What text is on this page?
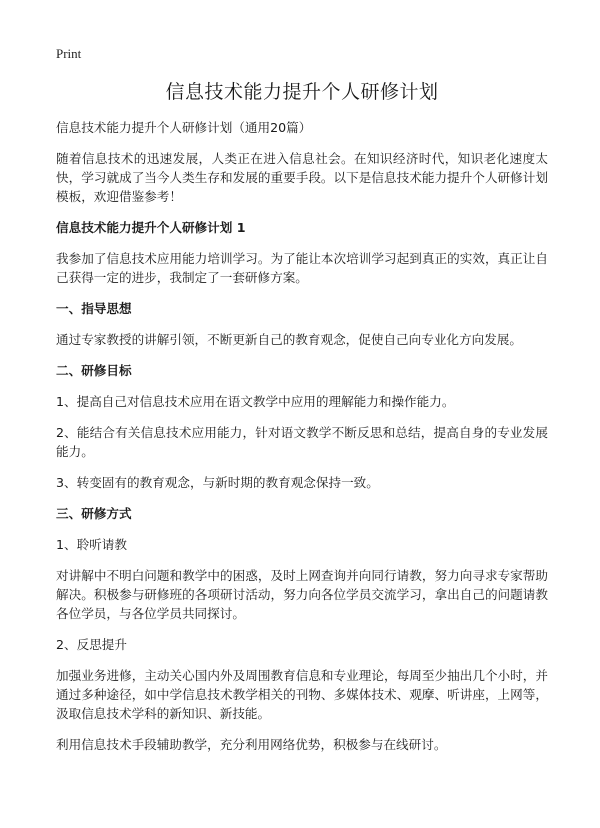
Print
信息技术能力提升个人研修计划

信息技术能力提升个人研修计划（通用20篇）

随着信息技术的迅速发展，人类正在进入信息社会。在知识经济时代，知识老化速度太快，学习就成了当今人类生存和发展的重要手段。以下是信息技术能力提升个人研修计划模板，欢迎借鉴参考！

信息技术能力提升个人研修计划 1

我参加了信息技术应用能力培训学习。为了能让本次培训学习起到真正的实效，真正让自己获得一定的进步，我制定了一套研修方案。

一、指导思想

通过专家教授的讲解引领，不断更新自己的教育观念，促使自己向专业化方向发展。

二、研修目标

1、提高自己对信息技术应用在语文教学中应用的理解能力和操作能力。

2、能结合有关信息技术应用能力，针对语文教学不断反思和总结，提高自身的专业发展能力。

3、转变固有的教育观念，与新时期的教育观念保持一致。

三、研修方式

1、聆听请教

对讲解中不明白问题和教学中的困惑，及时上网查询并向同行请教，努力向寻求专家帮助解决。积极参与研修班的各项研讨活动，努力向各位学员交流学习，拿出自己的问题请教各位学员，与各位学员共同探讨。

2、反思提升

加强业务进修，主动关心国内外及周围教育信息和专业理论，每周至少抽出几个小时，并通过多种途径，如中学信息技术教学相关的刊物、多媒体技术、观摩、听讲座，上网等，汲取信息技术学科的新知识、新技能。

利用信息技术手段辅助教学，充分利用网络优势，积极参与在线研讨。
